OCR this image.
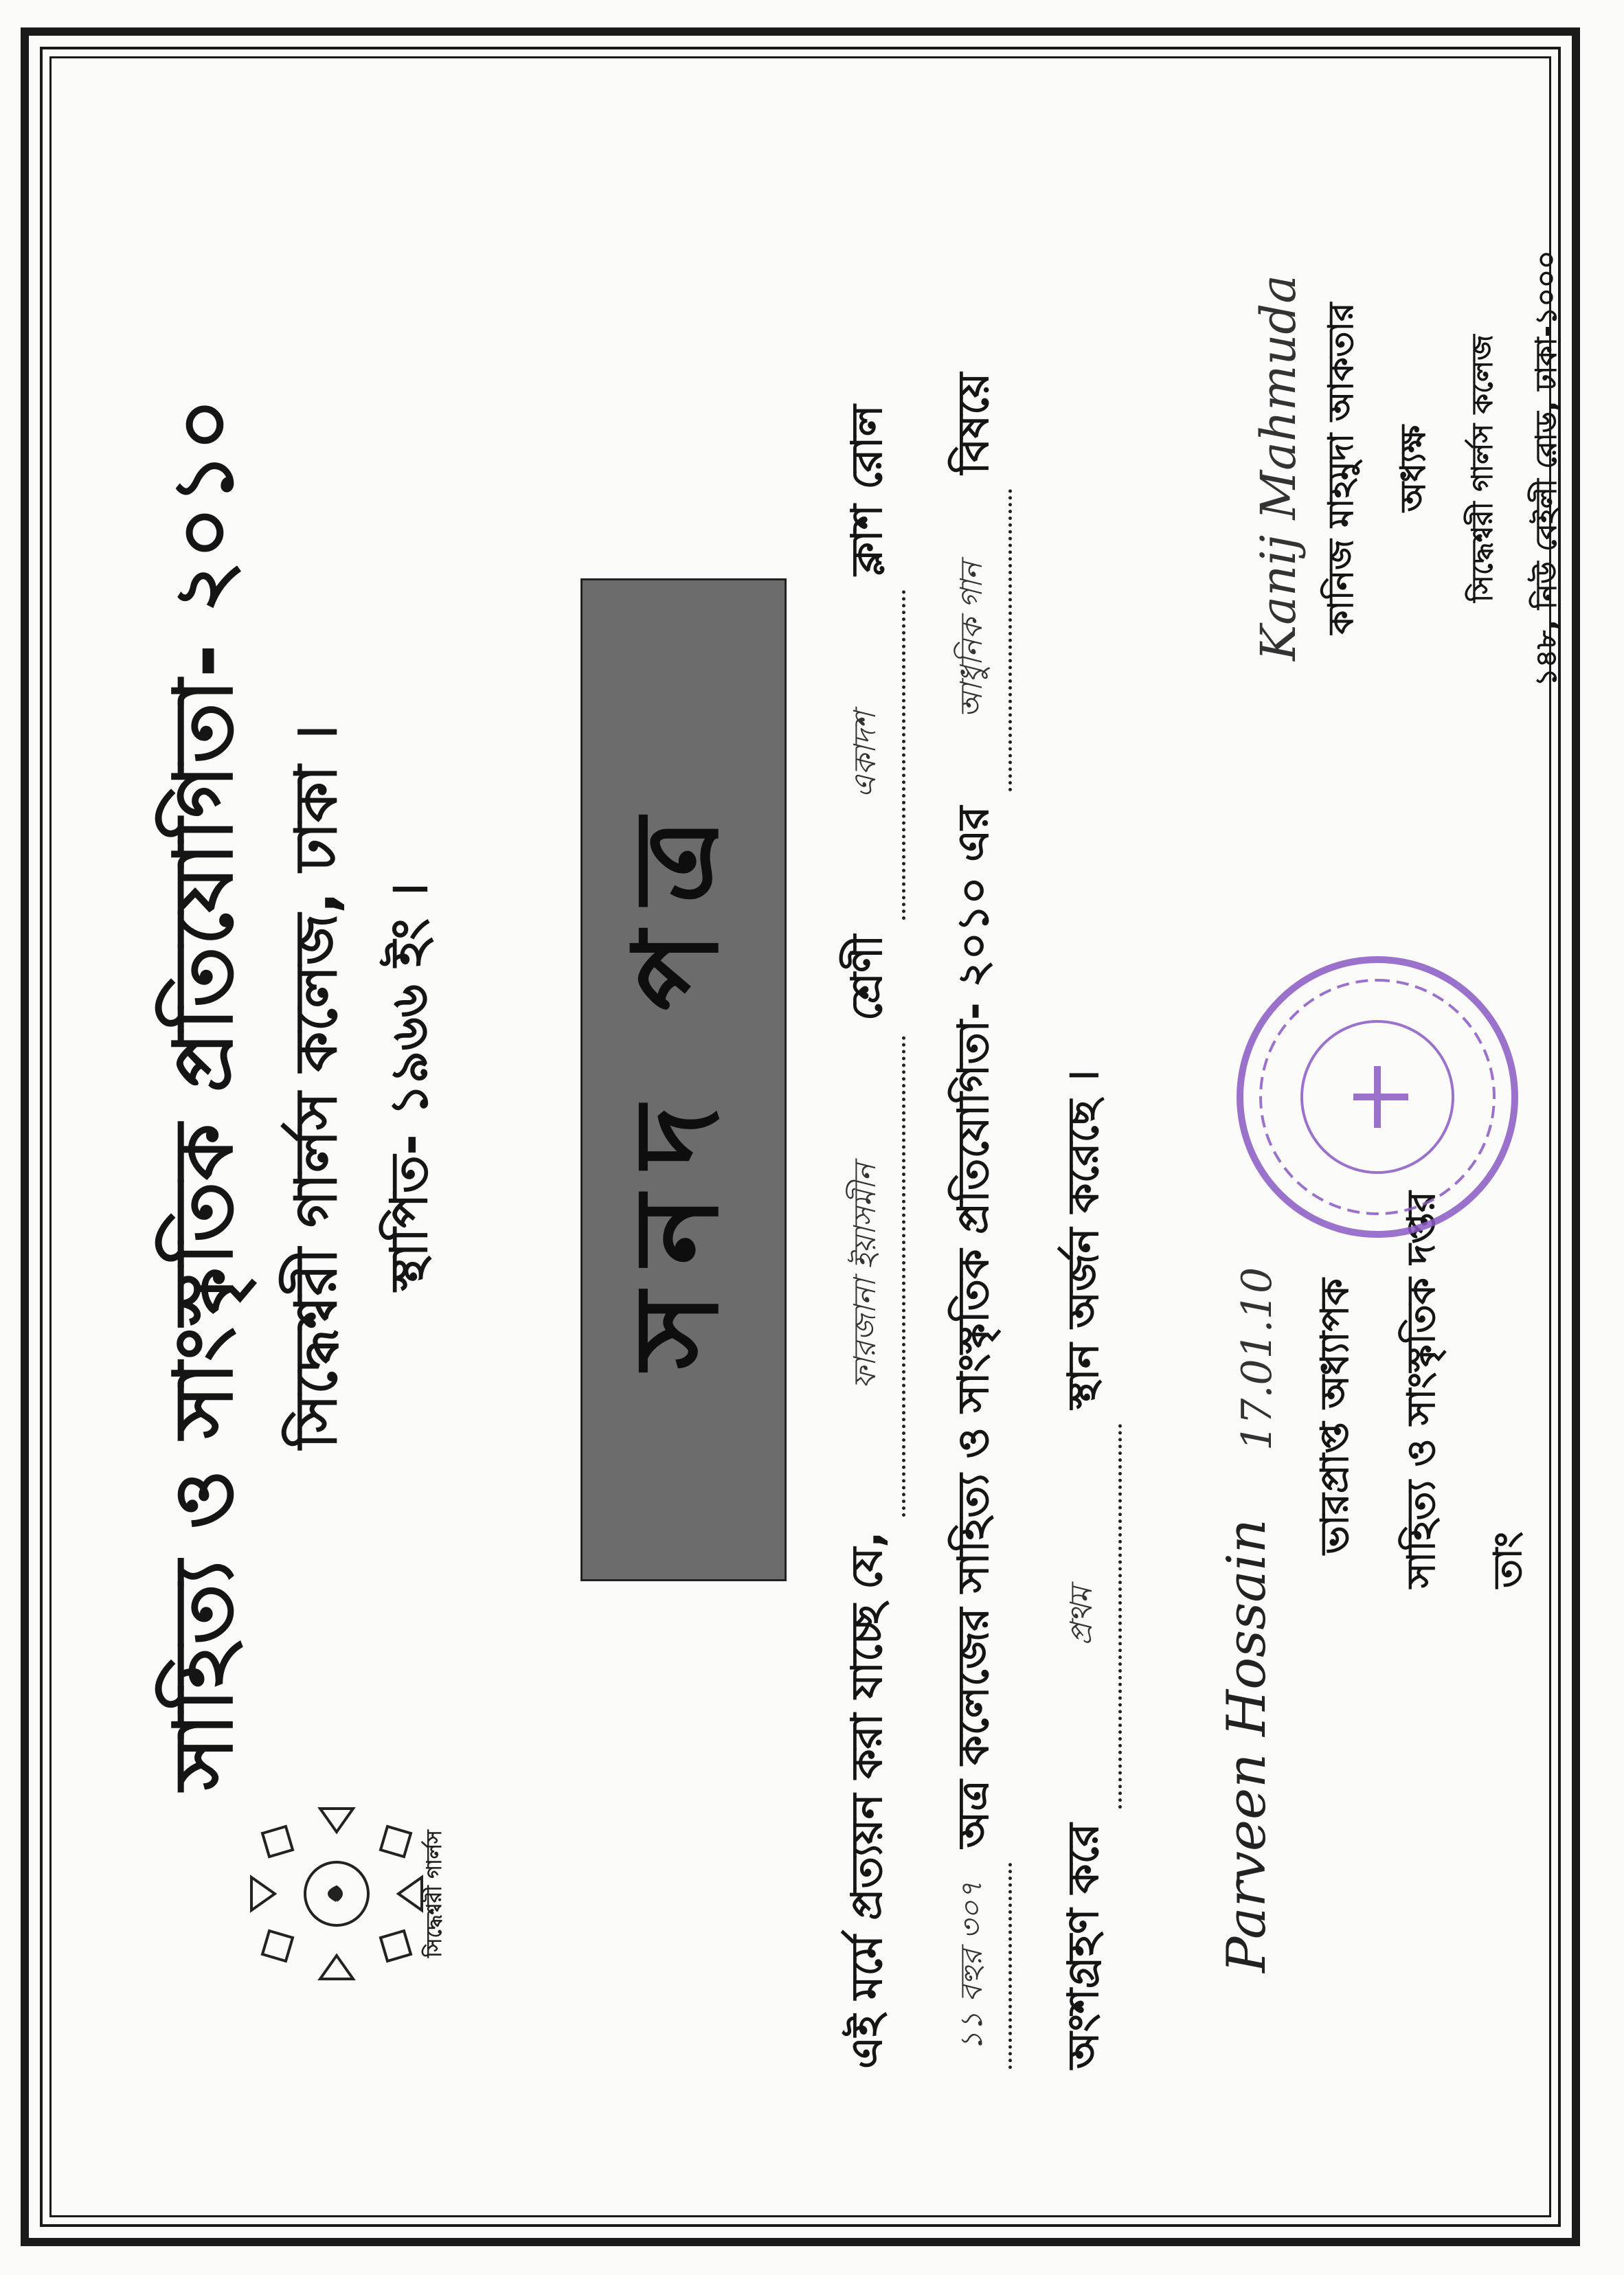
সাহিত্য ও সাংস্কৃতিক প্রতিযোগিতা- ২০১০
সিদ্ধেশ্বরী গার্লস
সিদ্ধেশ্বরী গার্লস কলেজ, ঢাকা । স্থাপিত- ১৯৬৬ ইং । সনদ পত্র
এই মর্মে প্রত্যয়ন করা যাচ্ছে যে,
ফারজানা ইয়াসমীন
শ্রেণী
একাদশ
ক্লাশ রোল
১১ বহুর ৩০৭
অত্র কলেজের সাহিত্য ও সাংস্কৃতিক প্রতিযোগিতা- ২০১০ এর
আধুনিক গান
বিষয়ে
অংশগ্রহণ করে
প্রথম
স্থান অর্জন করেছে ।
Parveen Hossain
17.01.10 ভারপ্রাপ্ত অধ্যাপক	সাহিত্য ও সাংস্কৃতিক দপ্তর	তাং
Kanij Mahmuda কানিজ মাহমুদা আকতার অধ্যক্ষ	সিদ্ধেশ্বরী গার্লস কলেজ	১৪৮, নিউ বেইলী রোড, ঢাকা-১০০০
